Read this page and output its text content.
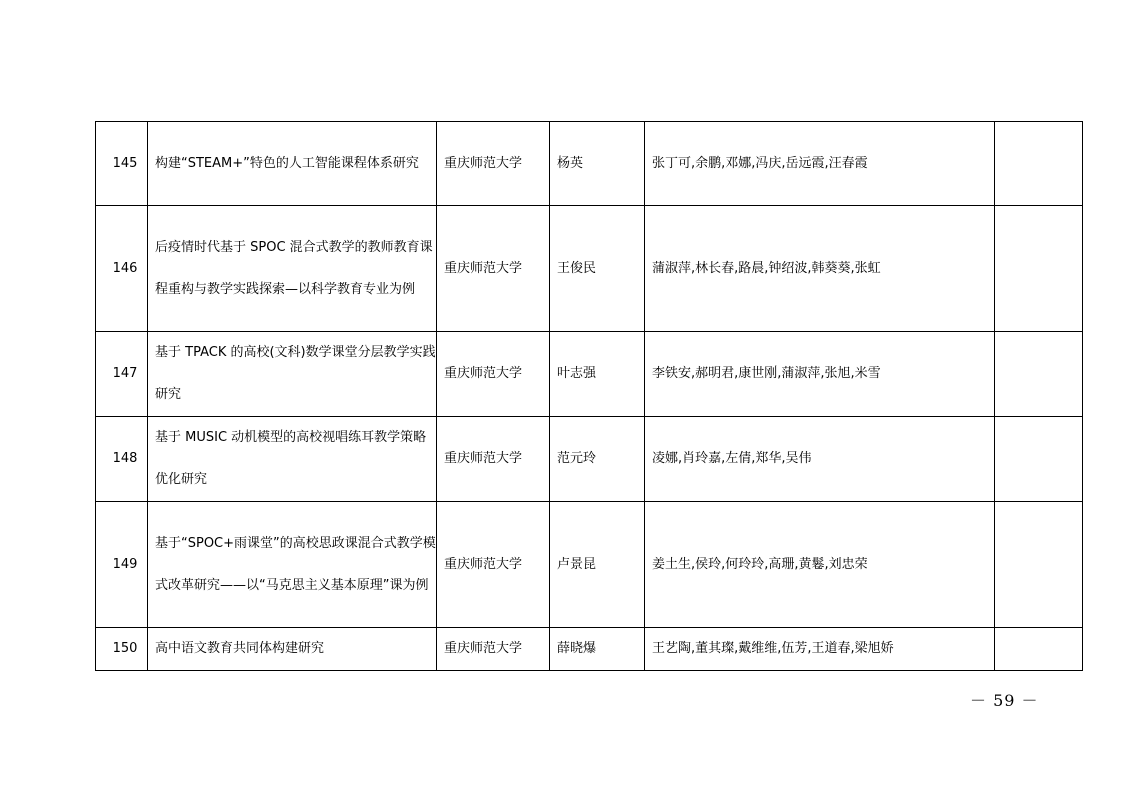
145	构建“STEAM+”特色的人工智能课程体系研究	重庆师范大学	杨英	张丁可,余鹏,邓娜,冯庆,岳远霞,汪春霞	
146	后疫情时代基于 SPOC 混合式教学的教师教育课程重构与教学实践探索—以科学教育专业为例	重庆师范大学	王俊民	蒲淑萍,林长春,路晨,钟绍波,韩葵葵,张虹	
147	基于 TPACK 的高校(文科)数学课堂分层教学实践研究	重庆师范大学	叶志强	李铁安,郝明君,康世刚,蒲淑萍,张旭,米雪	
148	基于 MUSIC 动机模型的高校视唱练耳教学策略优化研究	重庆师范大学	范元玲	凌娜,肖玲嘉,左倩,郑华,吴伟	
149	基于“SPOC+雨课堂”的高校思政课混合式教学模式改革研究——以“马克思主义基本原理”课为例	重庆师范大学	卢景昆	姜土生,侯玲,何玲玲,高珊,黄鬈,刘忠荣	
150	高中语文教育共同体构建研究	重庆师范大学	薛晓爆	王艺陶,董其璨,戴维维,伍芳,王道春,梁旭娇	
－ 59 －
